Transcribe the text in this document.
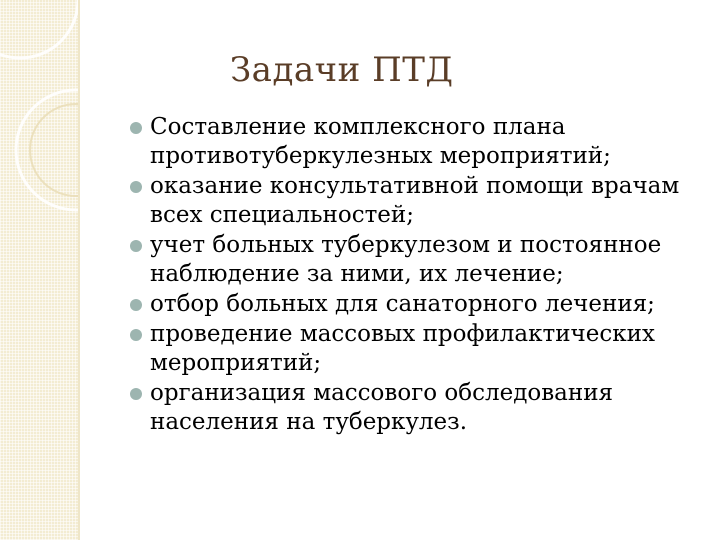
Задачи ПТД
Составление комплексного плана противотуберкулезных мероприятий;
оказание консультативной помощи врачам всех специальностей;
учет больных туберкулезом и постоянное наблюдение за ними, их лечение;
отбор больных для санаторного лечения;
проведение массовых профилактических мероприятий;
организация массового обследования населения на туберкулез.
